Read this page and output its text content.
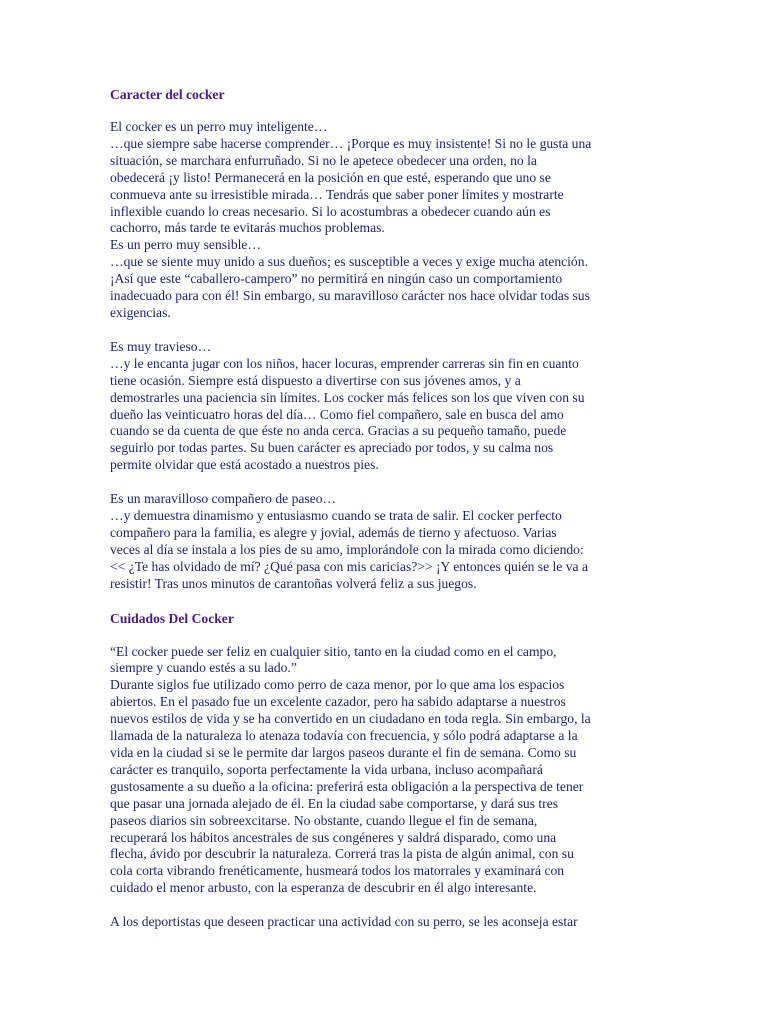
Caracter del cocker

El cocker es un perro muy inteligente…
…que siempre sabe hacerse comprender… ¡Porque es muy insistente! Si no le gusta una
situación, se marchara enfurruñado. Si no le apetece obedecer una orden, no la
obedecerá ¡y listo! Permanecerá en la posición en que esté, esperando que uno se
conmueva ante su irresistible mirada… Tendrás que saber poner límites y mostrarte
inflexible cuando lo creas necesario. Si lo acostumbras a obedecer cuando aún es
cachorro, más tarde te evitarás muchos problemas.
Es un perro muy sensible…
…que se siente muy unido a sus dueños; es susceptible a veces y exige mucha atención.
¡Así que este “caballero-campero” no permitirá en ningún caso un comportamiento
inadecuado para con él! Sin embargo, su maravilloso carácter nos hace olvidar todas sus
exigencias.

Es muy travieso…
…y le encanta jugar con los niños, hacer locuras, emprender carreras sin fin en cuanto
tiene ocasión. Siempre está dispuesto a divertirse con sus jóvenes amos, y a
demostrarles una paciencia sin límites. Los cocker más felices son los que viven con su
dueño las veinticuatro horas del día… Como fiel compañero, sale en busca del amo
cuando se da cuenta de que éste no anda cerca. Gracias a su pequeño tamaño, puede
seguirlo por todas partes. Su buen carácter es apreciado por todos, y su calma nos
permite olvidar que está acostado a nuestros pies.

Es un maravilloso compañero de paseo…
…y demuestra dinamismo y entusiasmo cuando se trata de salir. El cocker perfecto
compañero para la familia, es alegre y jovial, además de tierno y afectuoso. Varias
veces al día se instala a los pies de su amo, implorándole con la mirada como diciendo:
<< ¿Te has olvidado de mí? ¿Qué pasa con mis caricias?>> ¡Y entonces quién se le va a
resistir! Tras unos minutos de carantoñas volverá feliz a sus juegos.

Cuidados Del Cocker

“El cocker puede ser feliz en cualquier sitio, tanto en la ciudad como en el campo,
siempre y cuando estés a su lado.”
Durante siglos fue utilizado como perro de caza menor, por lo que ama los espacios
abiertos. En el pasado fue un excelente cazador, pero ha sabido adaptarse a nuestros
nuevos estilos de vida y se ha convertido en un ciudadano en toda regla. Sin embargo, la
llamada de la naturaleza lo atenaza todavía con frecuencia, y sólo podrá adaptarse a la
vida en la ciudad si se le permite dar largos paseos durante el fin de semana. Como su
carácter es tranquilo, soporta perfectamente la vida urbana, incluso acompañará
gustosamente a su dueño a la oficina: preferirá esta obligación a la perspectiva de tener
que pasar una jornada alejado de él. En la ciudad sabe comportarse, y dará sus tres
paseos diarios sin sobreexcitarse. No obstante, cuando llegue el fin de semana,
recuperará los hábitos ancestrales de sus congéneres y saldrá disparado, como una
flecha, ávido por descubrir la naturaleza. Correrá tras la pista de algún animal, con su
cola corta vibrando frenéticamente, husmeará todos los matorrales y examinará con
cuidado el menor arbusto, con la esperanza de descubrir en él algo interesante.

A los deportistas que deseen practicar una actividad con su perro, se les aconseja estar
